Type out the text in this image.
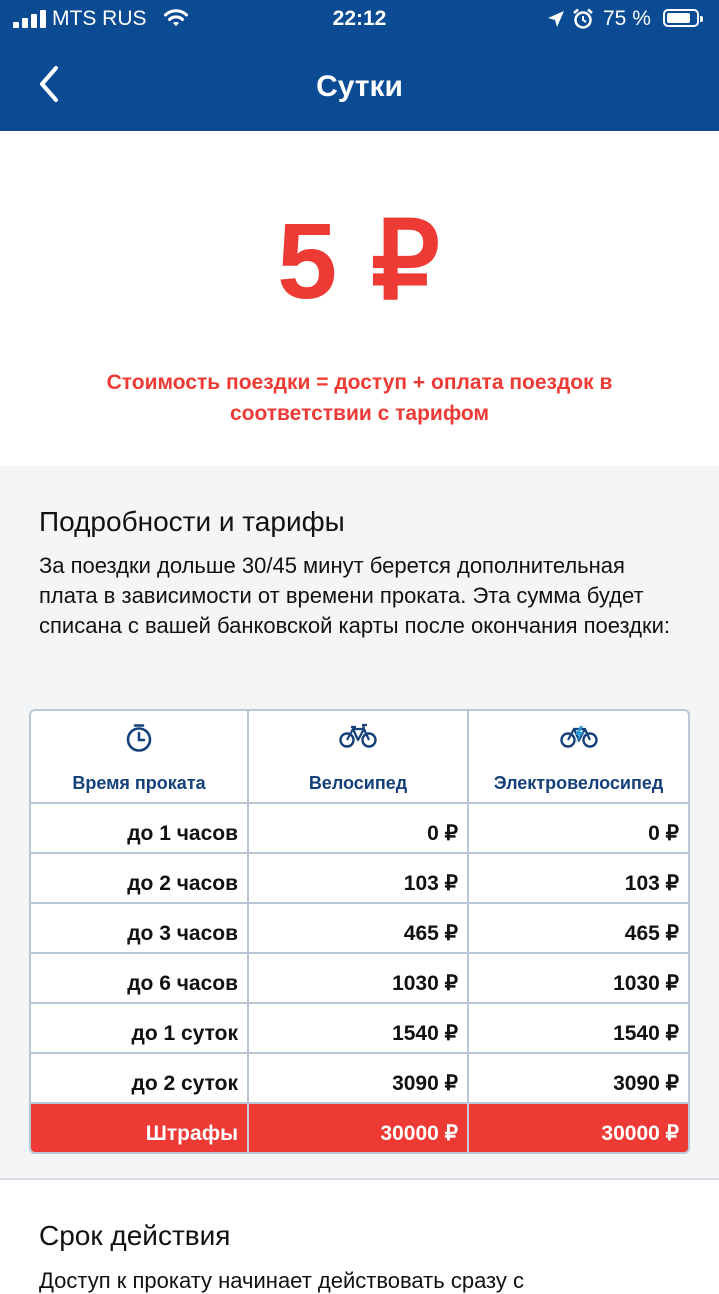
MTS RUS	22:12	75 %
Сутки
5 ₽
Стоимость поездки = доступ + оплата поездок в соответствии с тарифом
Подробности и тарифы
За поездки дольше 30/45 минут берется дополнительная плата в зависимости от времени проката. Эта сумма будет списана с вашей банковской карты после окончания поездки:
Время проката	Велосипед	Электровелосипед
до 1 часов	0 ₽	0 ₽
до 2 часов	103 ₽	103 ₽
до 3 часов	465 ₽	465 ₽
до 6 часов	1030 ₽	1030 ₽
до 1 суток	1540 ₽	1540 ₽
до 2 суток	3090 ₽	3090 ₽
Штрафы	30000 ₽	30000 ₽
Срок действия
Доступ к прокату начинает действовать сразу с
